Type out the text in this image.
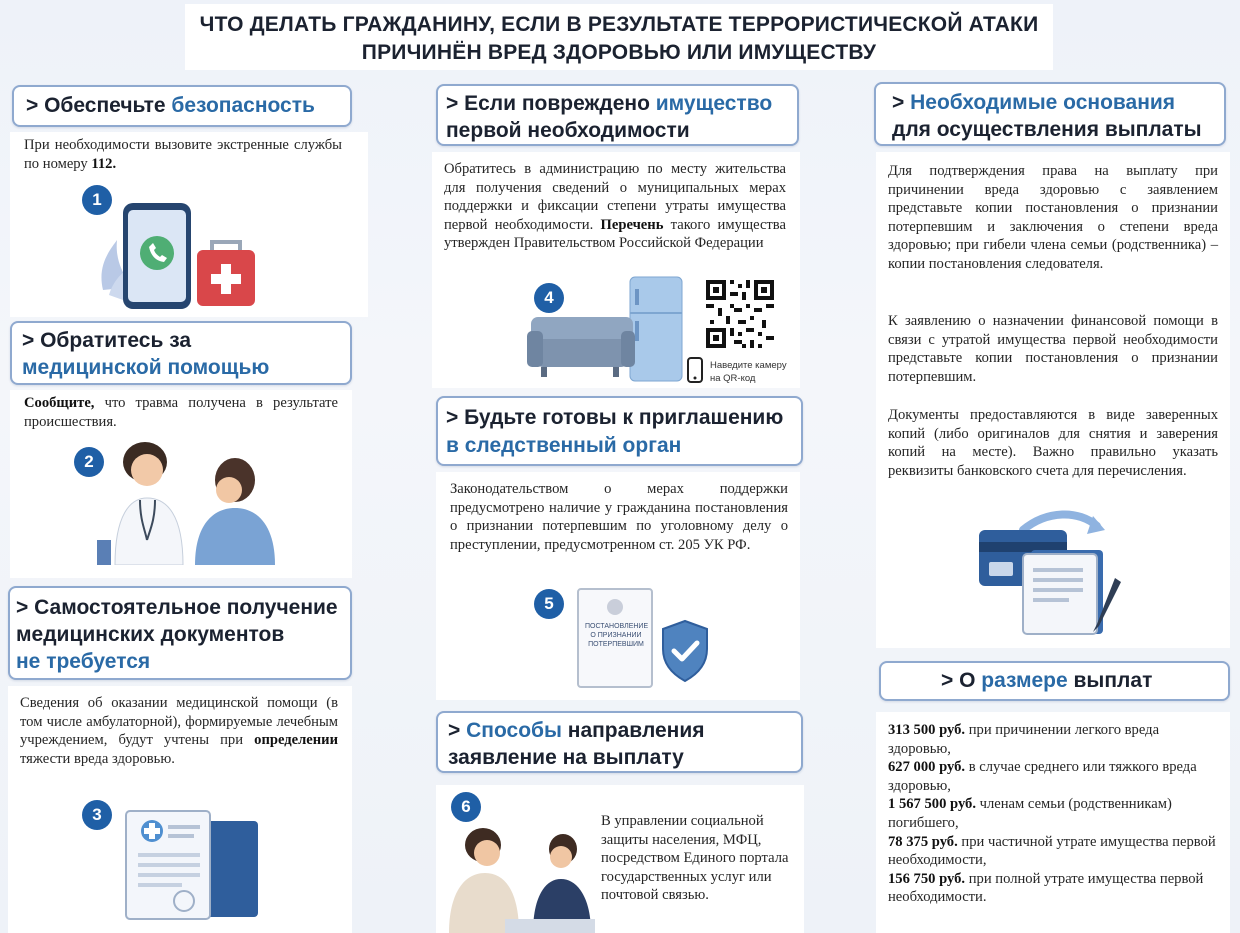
ЧТО ДЕЛАТЬ ГРАЖДАНИНУ, ЕСЛИ В РЕЗУЛЬТАТЕ ТЕРРОРИСТИЧЕСКОЙ АТАКИ

ПРИЧИНЁН ВРЕД ЗДОРОВЬЮ ИЛИ ИМУЩЕСТВУ

> Обеспечьте безопасность
При необходимости вызовите экстренные службы по номеру 112.
1
> Обратитесь за
медицинской помощью
Сообщите, что травма получена в результате происшествия.
2
> Самостоятельное получение
медицинских документов
не требуется
Сведения об оказании медицинской помощи (в том числе амбулаторной), формируемые лечебным учреждением, будут учтены при определении тяжести вреда здоровью.
3
> Если повреждено имущество
первой необходимости
Обратитесь в администрацию по месту жительства для получения сведений о муниципальных мерах поддержки и фиксации степени утраты имущества первой необходимости. Перечень такого имущества утвержден Правительством Российской Федерации
4
Наведите камеру
на QR-код
> Будьте готовы к приглашению
в следственный орган
Законодательством о мерах поддержки предусмотрено наличие у гражданина постановления о признании потерпевшим по уголовному делу о преступлении, предусмотренном ст. 205 УК РФ.
5
ПОСТАНОВЛЕНИЕ
О ПРИЗНАНИИ
ПОТЕРПЕВШИМ
> Способы направления
заявление на выплату
6
В управлении социальной защиты населения, МФЦ, посредством Единого портала государственных услуг или почтовой связью.
> Необходимые основания
для осуществления выплаты
Для подтверждения права на выплату при причинении вреда здоровью с заявлением представьте копии постановления о признании потерпевшим и заключения о степени вреда здоровью; при гибели члена семьи (родственника) – копии постановления следователя.
К заявлению о назначении финансовой помощи в связи с утратой имущества первой необходимости представьте копии постановления о признании потерпевшим.
Документы предоставляются в виде заверенных копий (либо оригиналов для снятия и заверения копий на месте). Важно правильно указать реквизиты банковского счета для перечисления.
> О размере выплат

313 500 руб. при причинении легкого вреда здоровью,

627 000 руб. в случае среднего или тяжкого вреда здоровью,

1 567 500 руб. членам семьи (родственникам) погибшего,

78 375 руб. при частичной утрате имущества первой необходимости,

156 750 руб. при полной утрате имущества первой необходимости.
